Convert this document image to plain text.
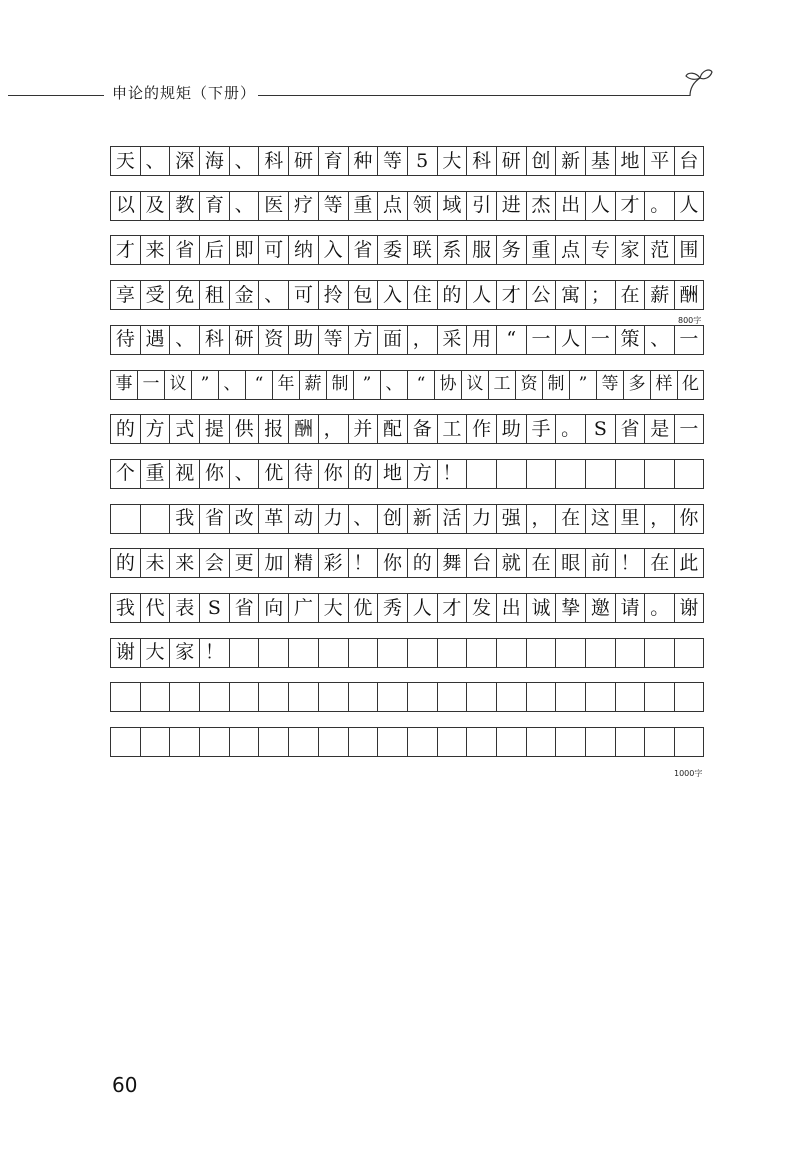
申论的规矩（下册）
天 、 深 海 、 科 研 育 种 等 5 大 科 研 创 新 基 地 平 台
以 及 教 育 、 医 疗 等 重 点 领 域 引 进 杰 出 人 才 。 人
才 来 省 后 即 可 纳 入 省 委 联 系 服 务 重 点 专 家 范 围
享 受 免 租 金 、 可 拎 包 入 住 的 人 才 公 寓 ； 在 薪 酬
待 遇 、 科 研 资 助 等 方 面 ， 采 用 “ 一 人 一 策 、 一
事 一 议 ” 、 “ 年 薪 制 ” 、 “ 协 议 工 资 制 ” 等 多 样 化
的 方 式 提 供 报 酬 ， 并 配 备 工 作 助 手 。 S 省 是 一
个 重 视 你 、 优 待 你 的 地 方 ！
我 省 改 革 动 力 、 创 新 活 力 强 ， 在 这 里 ， 你
的 未 来 会 更 加 精 彩 ！ 你 的 舞 台 就 在 眼 前 ！ 在 此
我 代 表 S 省 向 广 大 优 秀 人 才 发 出 诚 挚 邀 请 。 谢
谢 大 家 ！
800字
1000字
60
